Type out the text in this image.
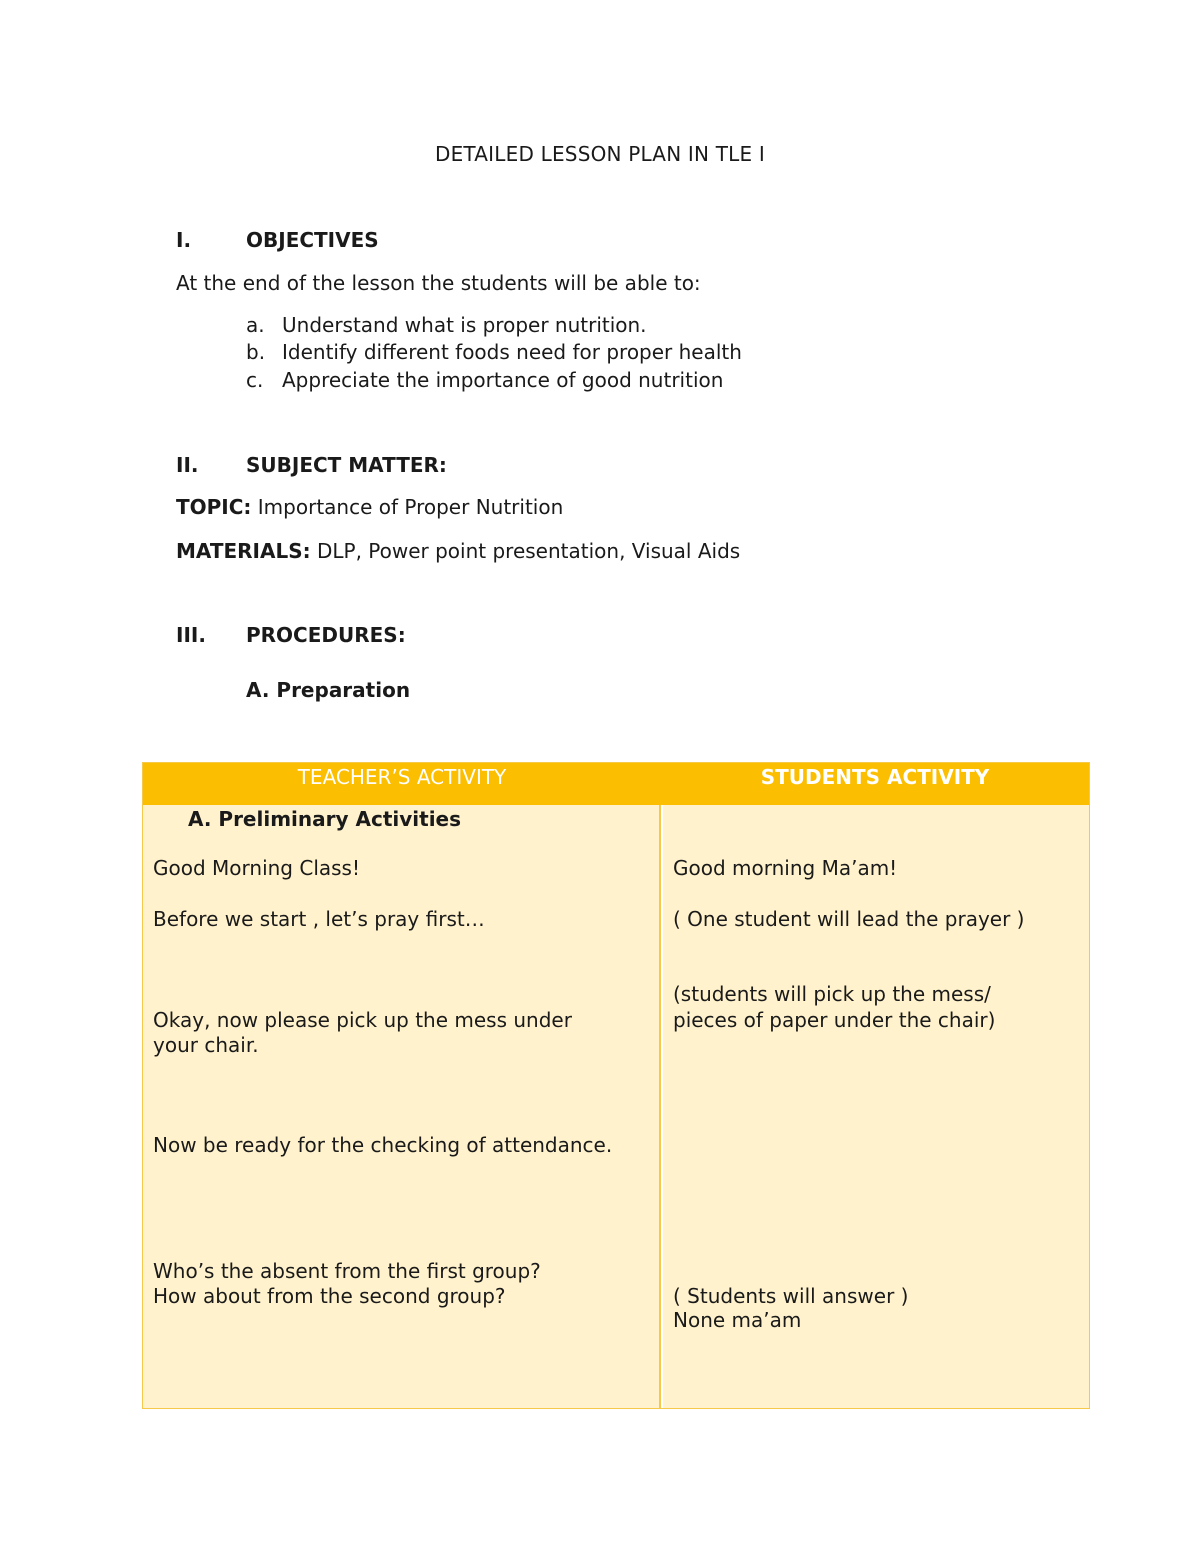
DETAILED LESSON PLAN IN TLE I
I.	OBJECTIVES
At the end of the lesson the students will be able to:
a. Understand what is proper nutrition.
b. Identify different foods need for proper health
c. Appreciate the importance of good nutrition
II. SUBJECT MATTER:
TOPIC: Importance of Proper Nutrition
MATERIALS: DLP, Power point presentation, Visual Aids
III. PROCEDURES:
A. Preparation
TEACHER’S ACTIVITY	STUDENTS ACTIVITY
A. Preliminary Activities
Good Morning Class!
Before we start , let’s pray first…
Okay, now please pick up the mess under
your chair.
Now be ready for the checking of attendance.
Who’s the absent from the first group?
How about from the second group?
Good morning Ma’am!
( One student will lead the prayer )
(students will pick up the mess/
pieces of paper under the chair)
( Students will answer )
None ma’am
